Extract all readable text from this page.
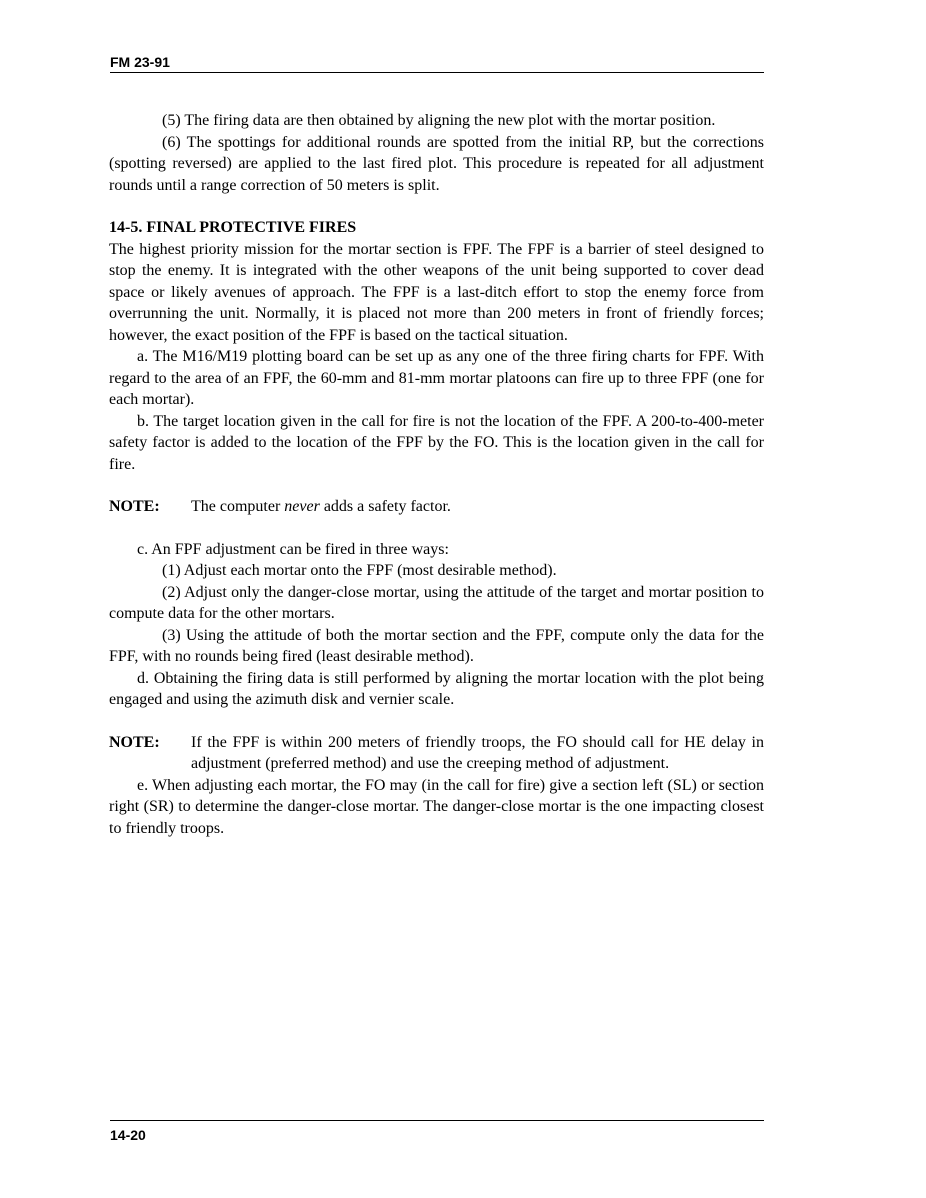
FM 23-91

(5) The firing data are then obtained by aligning the new plot with the mortar position.

(6) The spottings for additional rounds are spotted from the initial RP, but the corrections (spotting reversed) are applied to the last fired plot. This procedure is repeated for all adjustment rounds until a range correction of 50 meters is split.

14-5. FINAL PROTECTIVE FIRES

The highest priority mission for the mortar section is FPF. The FPF is a barrier of steel designed to stop the enemy. It is integrated with the other weapons of the unit being supported to cover dead space or likely avenues of approach. The FPF is a last-ditch effort to stop the enemy force from overrunning the unit. Normally, it is placed not more than 200 meters in front of friendly forces; however, the exact position of the FPF is based on the tactical situation.

a. The M16/M19 plotting board can be set up as any one of the three firing charts for FPF. With regard to the area of an FPF, the 60-mm and 81-mm mortar platoons can fire up to three FPF (one for each mortar).

b. The target location given in the call for fire is not the location of the FPF. A 200-to-400-meter safety factor is added to the location of the FPF by the FO. This is the location given in the call for fire.

NOTE:	The computer never adds a safety factor.

c. An FPF adjustment can be fired in three ways:

(1) Adjust each mortar onto the FPF (most desirable method).

(2) Adjust only the danger-close mortar, using the attitude of the target and mortar position to compute data for the other mortars.

(3) Using the attitude of both the mortar section and the FPF, compute only the data for the FPF, with no rounds being fired (least desirable method).

d. Obtaining the firing data is still performed by aligning the mortar location with the plot being engaged and using the azimuth disk and vernier scale.

NOTE: If the FPF is within 200 meters of friendly troops, the FO should call for HE delay in adjustment (preferred method) and use the creeping method of adjustment.

e. When adjusting each mortar, the FO may (in the call for fire) give a section left (SL) or section right (SR) to determine the danger-close mortar. The danger-close mortar is the one impacting closest to friendly troops.

14-20
